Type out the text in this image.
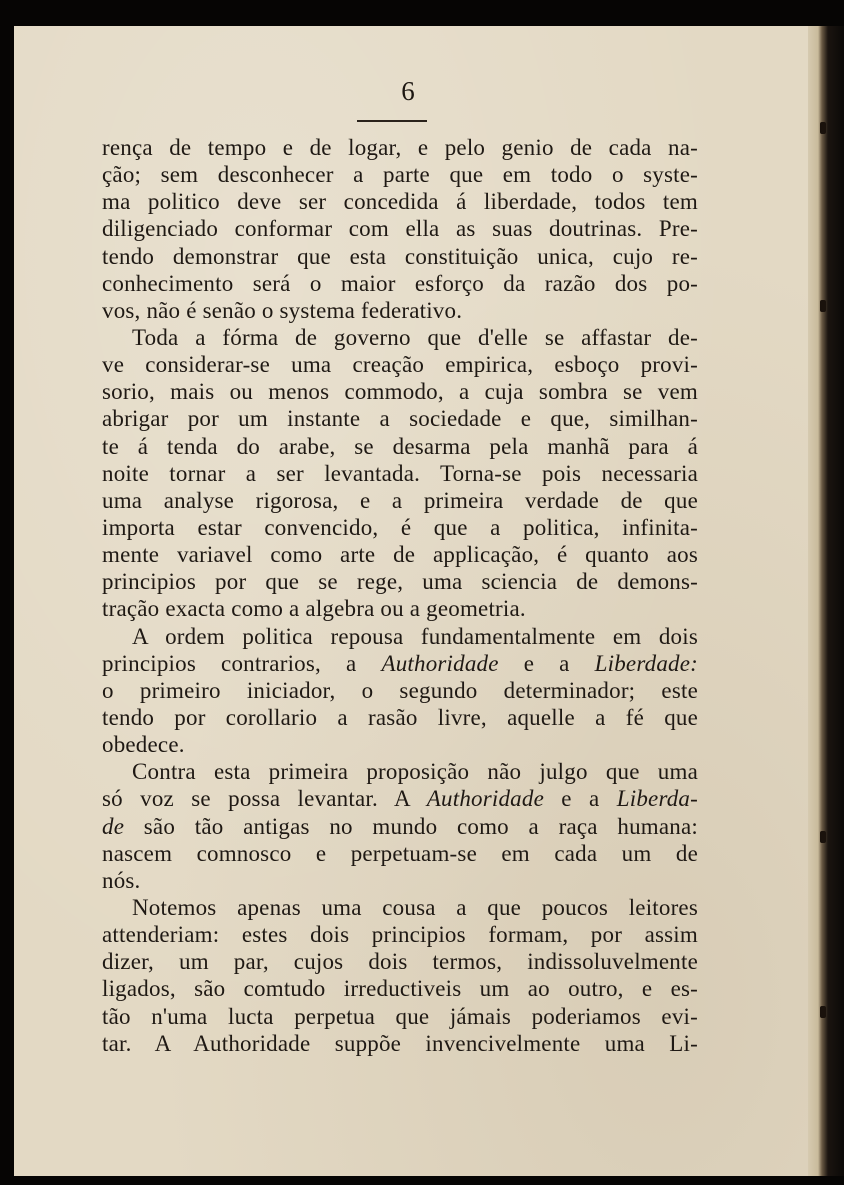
6
rença de tempo e de logar, e pelo genio de cada na-
ção; sem desconhecer a parte que em todo o syste-
ma politico deve ser concedida á liberdade, todos tem
diligenciado conformar com ella as suas doutrinas. Pre-
tendo demonstrar que esta constituição unica, cujo re-
conhecimento será o maior esforço da razão dos po-
vos, não é senão o systema federativo.
Toda a fórma de governo que d'elle se affastar de-
ve considerar-se uma creação empirica, esboço provi-
sorio, mais ou menos commodo, a cuja sombra se vem
abrigar por um instante a sociedade e que, similhan-
te á tenda do arabe, se desarma pela manhã para á
noite tornar a ser levantada. Torna-se pois necessaria
uma analyse rigorosa, e a primeira verdade de que
importa estar convencido, é que a politica, infinita-
mente variavel como arte de applicação, é quanto aos
principios por que se rege, uma sciencia de demons-
tração exacta como a algebra ou a geometria.
A ordem politica repousa fundamentalmente em dois
principios contrarios, a Authoridade e a Liberdade:
o primeiro iniciador, o segundo determinador; este
tendo por corollario a rasão livre, aquelle a fé que
obedece.
Contra esta primeira proposição não julgo que uma
só voz se possa levantar. A Authoridade e a Liberda-
de são tão antigas no mundo como a raça humana:
nascem comnosco e perpetuam-se em cada um de
nós.
Notemos apenas uma cousa a que poucos leitores
attenderiam: estes dois principios formam, por assim
dizer, um par, cujos dois termos, indissoluvelmente
ligados, são comtudo irreductiveis um ao outro, e es-
tão n'uma lucta perpetua que jámais poderiamos evi-
tar. A Authoridade suppõe invencivelmente uma Li-
